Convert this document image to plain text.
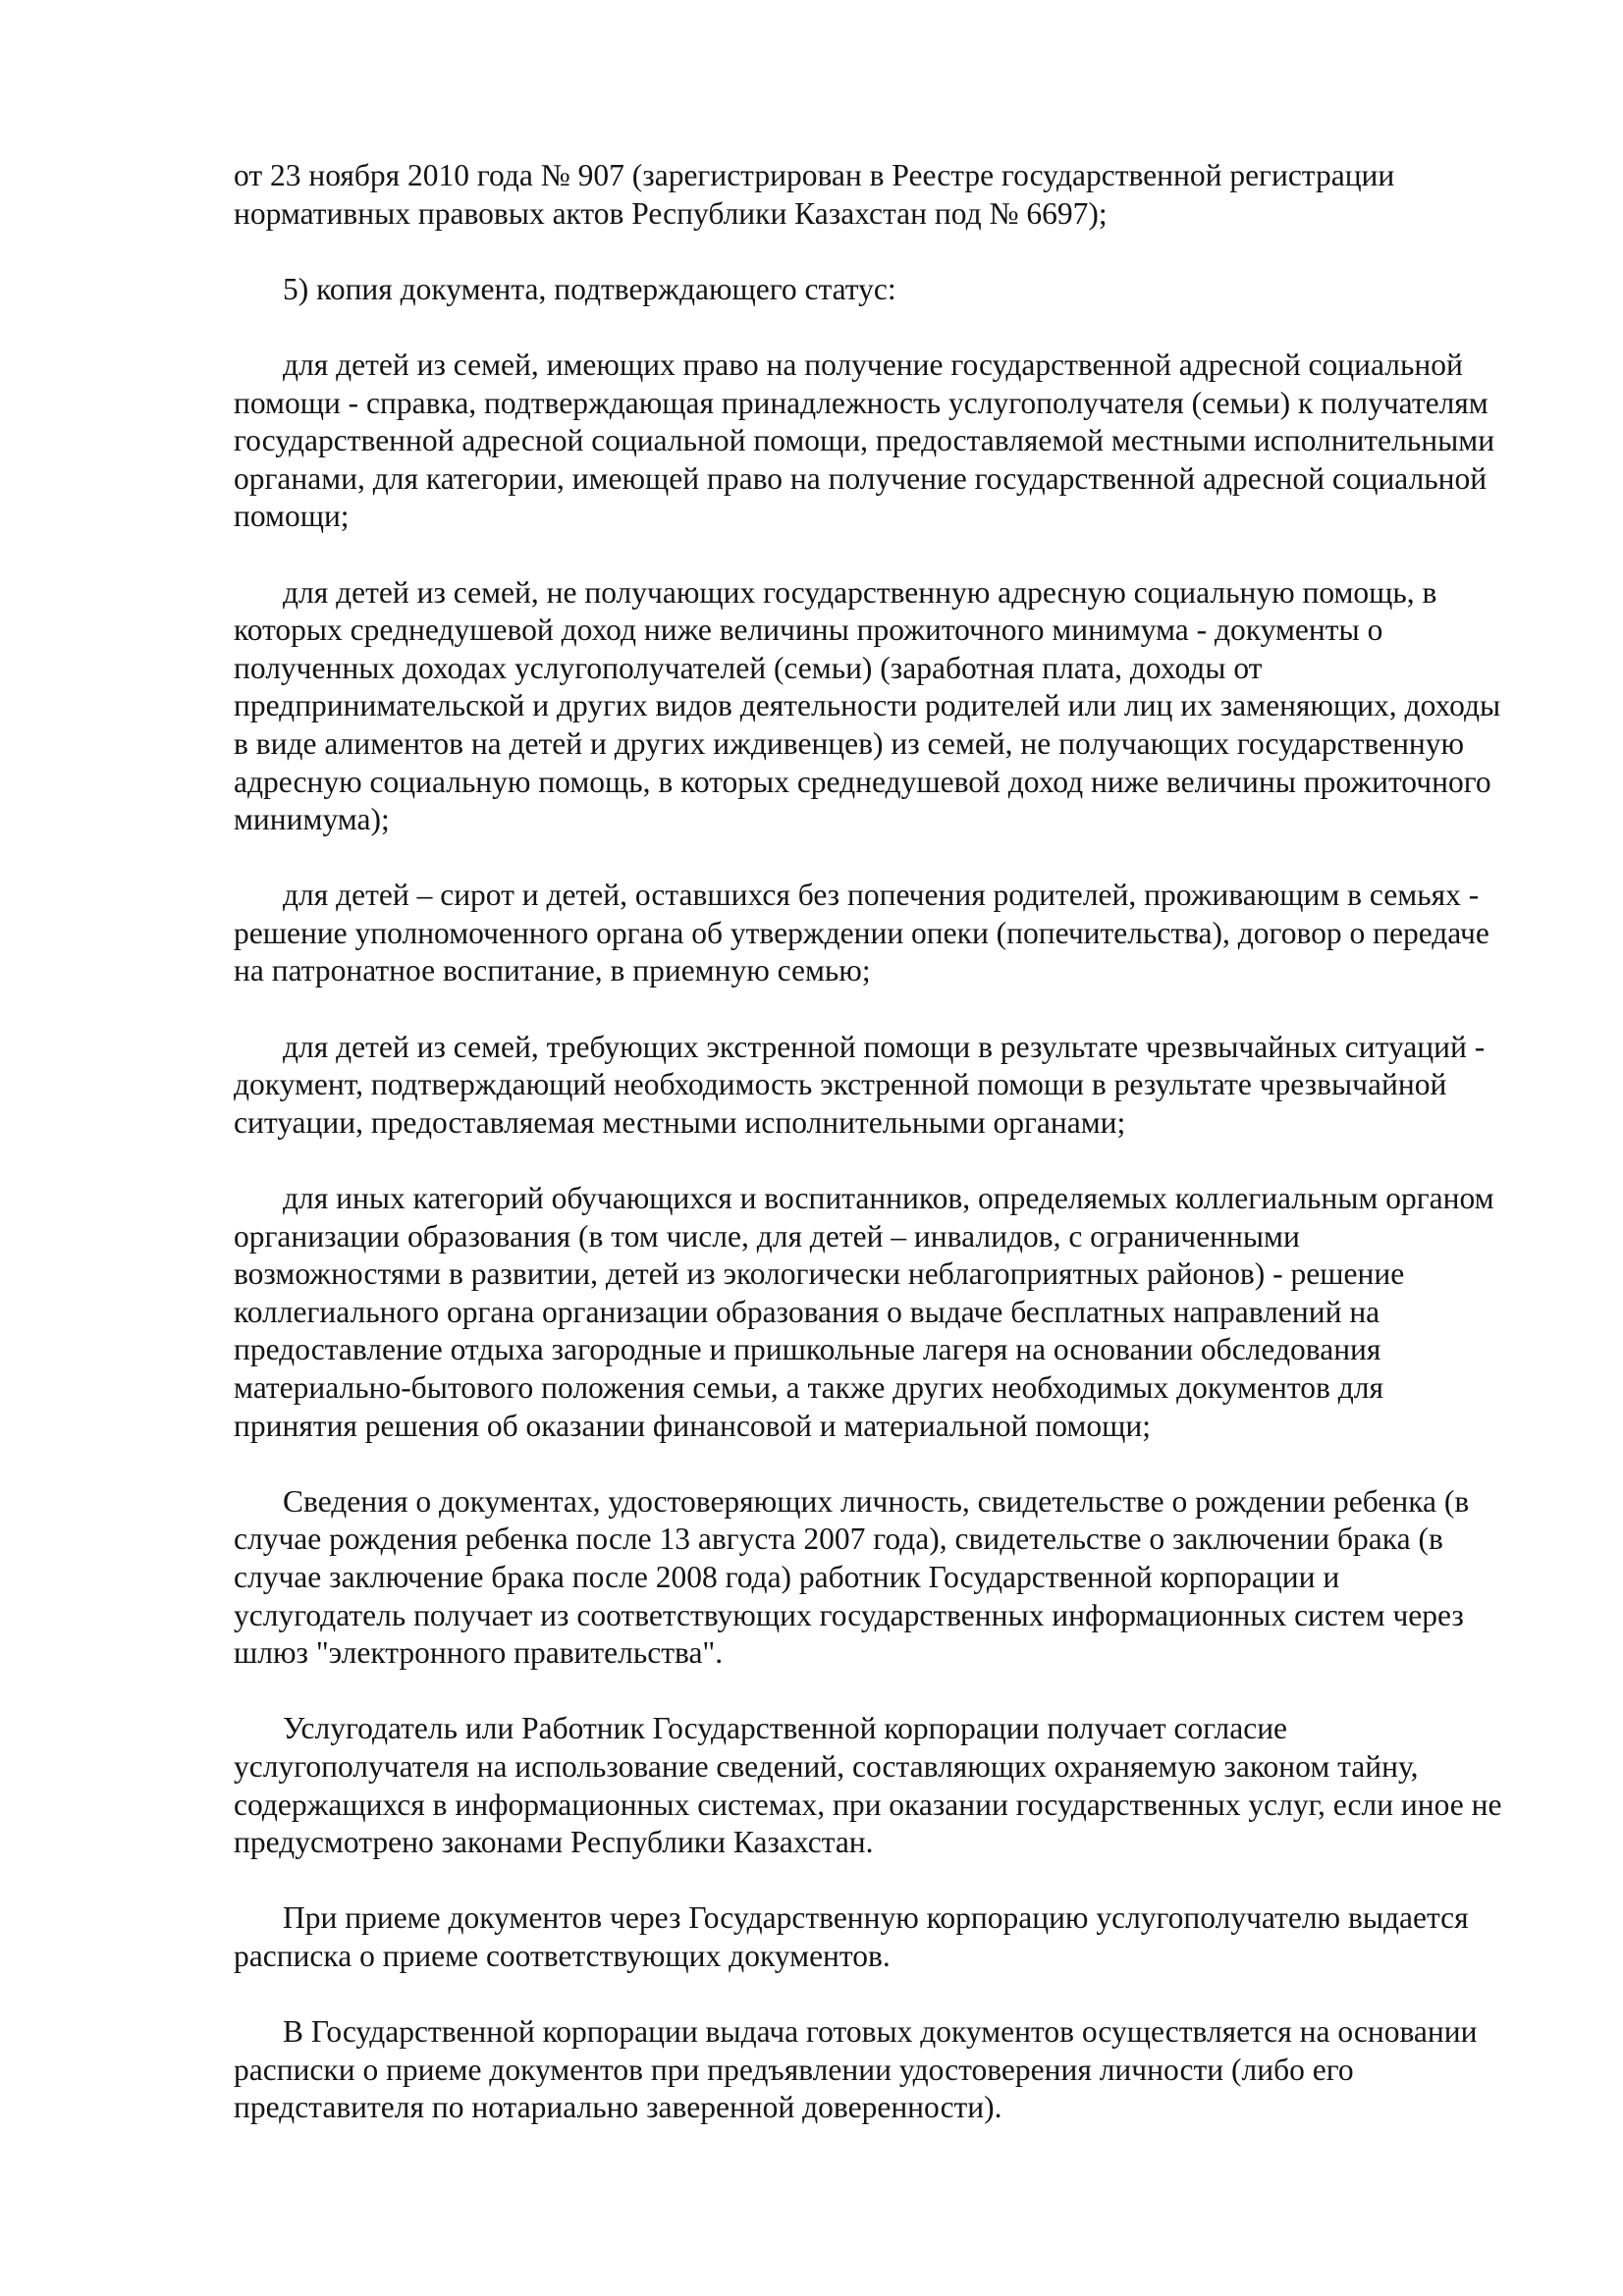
от 23 ноября 2010 года № 907 (зарегистрирован в Реестре государственной регистрации нормативных правовых актов Республики Казахстан под № 6697);

5) копия документа, подтверждающего статус:

для детей из семей, имеющих право на получение государственной адресной социальной помощи - справка, подтверждающая принадлежность услугополучателя (семьи) к получателям государственной адресной социальной помощи, предоставляемой местными исполнительными органами, для категории, имеющей право на получение государственной адресной социальной помощи;

для детей из семей, не получающих государственную адресную социальную помощь, в которых среднедушевой доход ниже величины прожиточного минимума - документы о полученных доходах услугополучателей (семьи) (заработная плата, доходы от предпринимательской и других видов деятельности родителей или лиц их заменяющих, доходы в виде алиментов на детей и других иждивенцев) из семей, не получающих государственную адресную социальную помощь, в которых среднедушевой доход ниже величины прожиточного минимума);

для детей – сирот и детей, оставшихся без попечения родителей, проживающим в семьях - решение уполномоченного органа об утверждении опеки (попечительства), договор о передаче на патронатное воспитание, в приемную семью;

для детей из семей, требующих экстренной помощи в результате чрезвычайных ситуаций - документ, подтверждающий необходимость экстренной помощи в результате чрезвычайной ситуации, предоставляемая местными исполнительными органами;

для иных категорий обучающихся и воспитанников, определяемых коллегиальным органом организации образования (в том числе, для детей – инвалидов, с ограниченными возможностями в развитии, детей из экологически неблагоприятных районов) - решение коллегиального органа организации образования о выдаче бесплатных направлений на предоставление отдыха загородные и пришкольные лагеря на основании обследования материально-бытового положения семьи, а также других необходимых документов для принятия решения об оказании финансовой и материальной помощи;

Сведения о документах, удостоверяющих личность, свидетельстве о рождении ребенка (в случае рождения ребенка после 13 августа 2007 года), свидетельстве о заключении брака (в случае заключение брака после 2008 года) работник Государственной корпорации и услугодатель получает из соответствующих государственных информационных систем через шлюз "электронного правительства".

Услугодатель или Работник Государственной корпорации получает согласие услугополучателя на использование сведений, составляющих охраняемую законом тайну, содержащихся в информационных системах, при оказании государственных услуг, если иное не предусмотрено законами Республики Казахстан.

При приеме документов через Государственную корпорацию услугополучателю выдается расписка о приеме соответствующих документов.

В Государственной корпорации выдача готовых документов осуществляется на основании расписки о приеме документов при предъявлении удостоверения личности (либо его представителя по нотариально заверенной доверенности).
